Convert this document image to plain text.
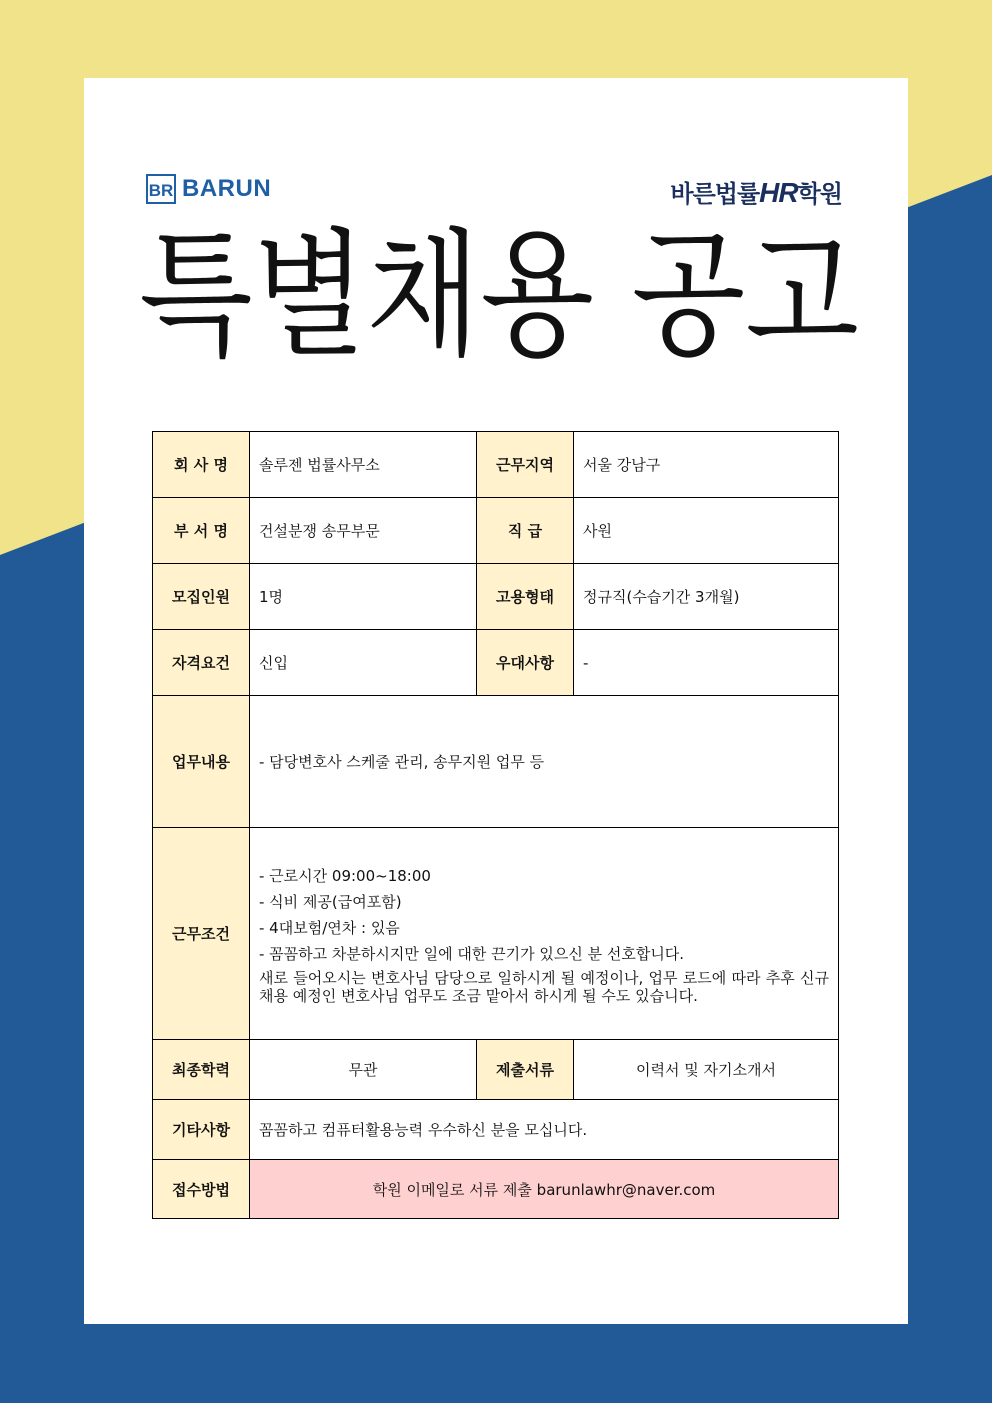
BR BARUN	바른법률HR학원
특별채용 공고
회 사 명	솔루젠 법률사무소	근무지역	서울 강남구
부 서 명	건설분쟁 송무부문	직 급	사원
모집인원	1명	고용형태	정규직(수습기간 3개월)
자격요건	신입	우대사항	-
업무내용	- 담당변호사 스케줄 관리, 송무지원 업무 등		
근무조건	- 근로시간 09:00~18:00
- 식비 제공(급여포함)
- 4대보험/연차 : 있음
- 꼼꼼하고 차분하시지만 일에 대한 끈기가 있으신 분 선호합니다.
새로 들어오시는 변호사님 담당으로 일하시게 될 예정이나, 업무 로드에 따라 추후 신규 채용 예정인 변호사님 업무도 조금 맡아서 하시게 될 수도 있습니다.		

최종학력	무관	제출서류	이력서 및 자기소개서
기타사항	꼼꼼하고 컴퓨터활용능력 우수하신 분을 모십니다.		
접수방법	학원 이메일로 서류 제출 barunlawhr@naver.com		
